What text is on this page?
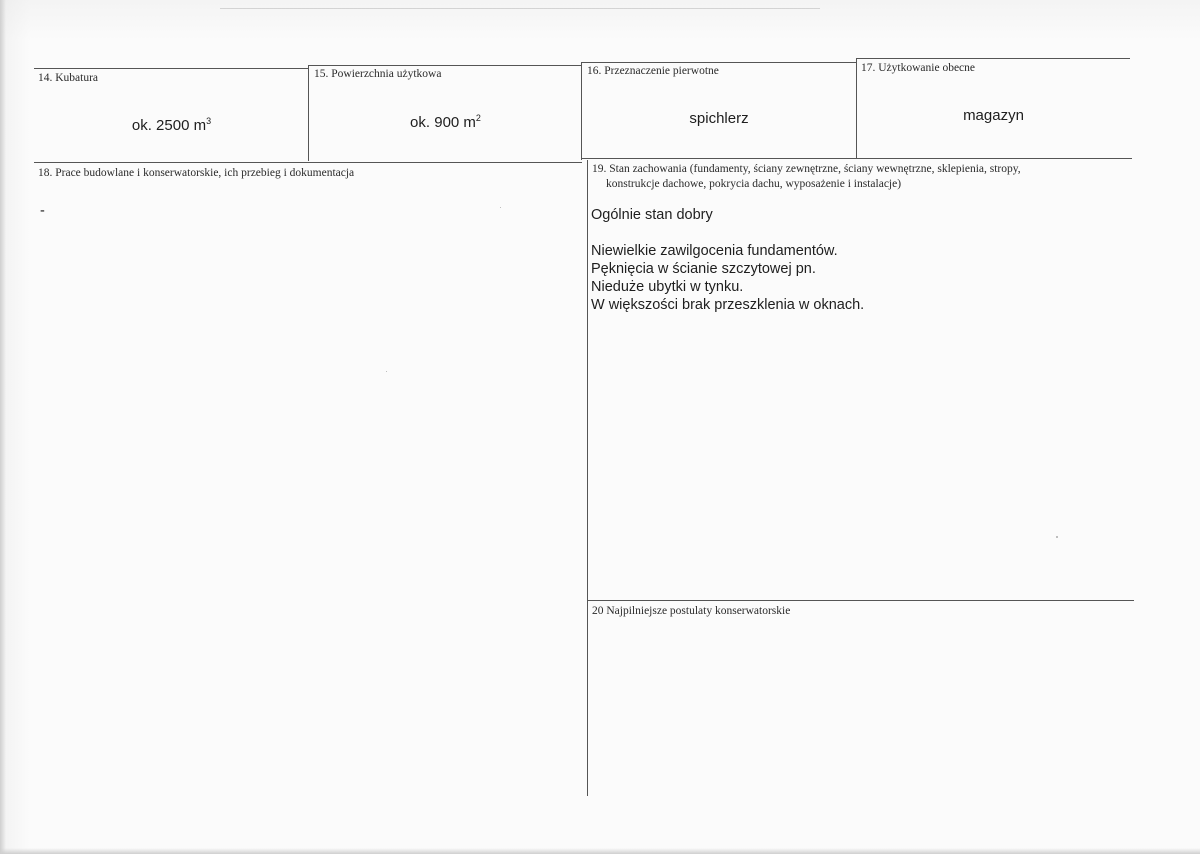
14. Kubatura
ok. 2500 $m^3$
15. Powierzchnia użytkowa
ok. 900 $m^2$
16. Przeznaczenie pierwotne
spichlerz
17. Użytkowanie obecne
magazyn
18. Prace budowlane i konserwatorskie, ich przebieg i dokumentacja
-
19. Stan zachowania (fundamenty, ściany zewnętrzne, ściany wewnętrzne, sklepienia, stropy,
konstrukcje dachowe, pokrycia dachu, wyposażenie i instalacje)
Ogólnie stan dobry
Niewielkie zawilgocenia fundamentów.
Pęknięcia w ścianie szczytowej pn.
Nieduże ubytki w tynku.
W większości brak przeszklenia w oknach.
20 Najpilniejsze postulaty konserwatorskie
